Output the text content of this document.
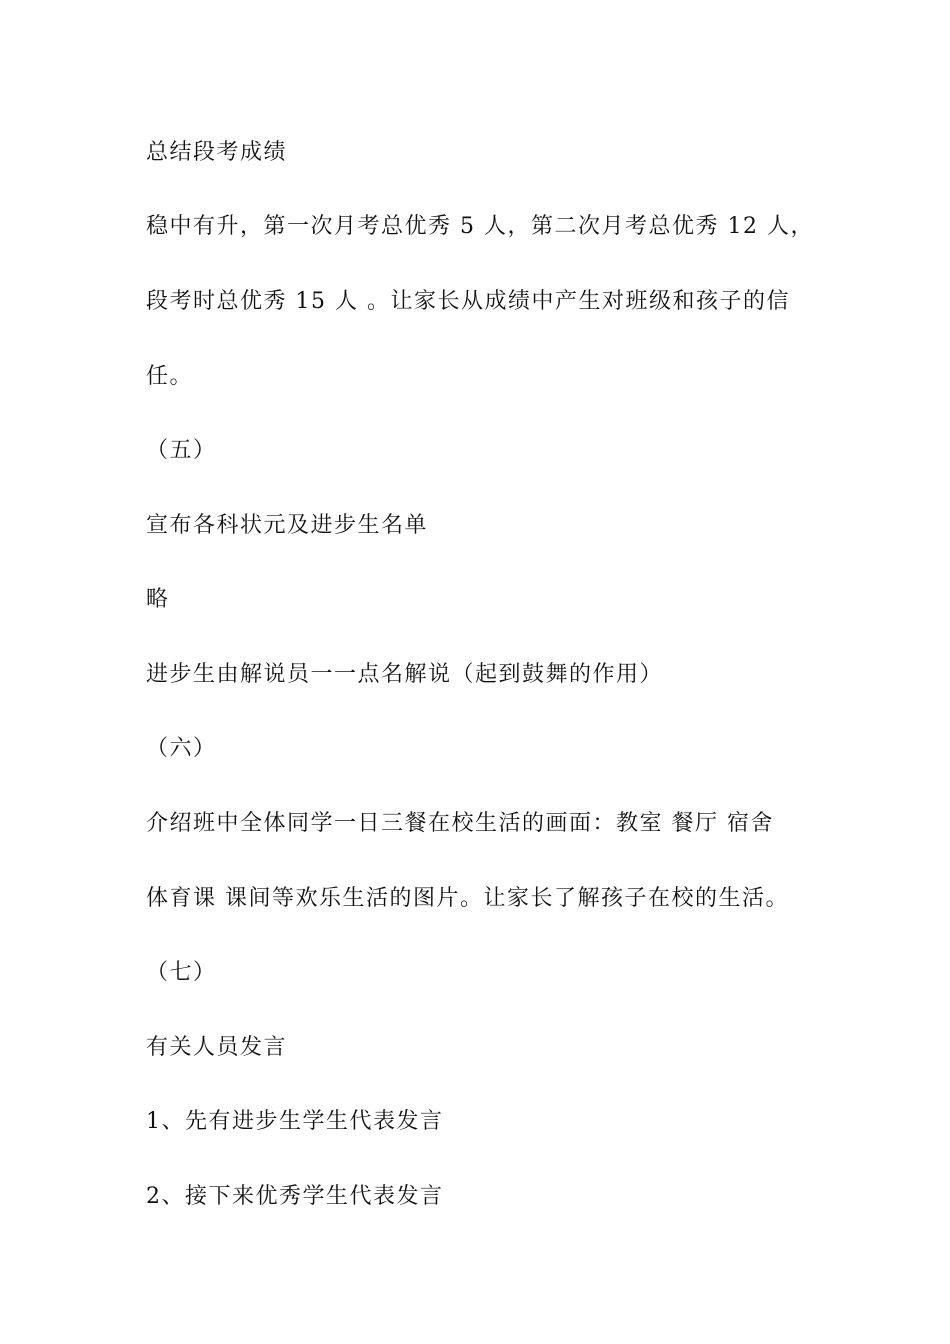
总结段考成绩
稳中有升，第一次月考总优秀 5 人，第二次月考总优秀 12 人，
段考时总优秀 15 人 。让家长从成绩中产生对班级和孩子的信
任。
（五）
宣布各科状元及进步生名单
略
进步生由解说员一一点名解说（起到鼓舞的作用）
（六）
介绍班中全体同学一日三餐在校生活的画面：教室 餐厅 宿舍
体育课 课间等欢乐生活的图片。让家长了解孩子在校的生活。
（七）
有关人员发言
1、先有进步生学生代表发言
2、接下来优秀学生代表发言
